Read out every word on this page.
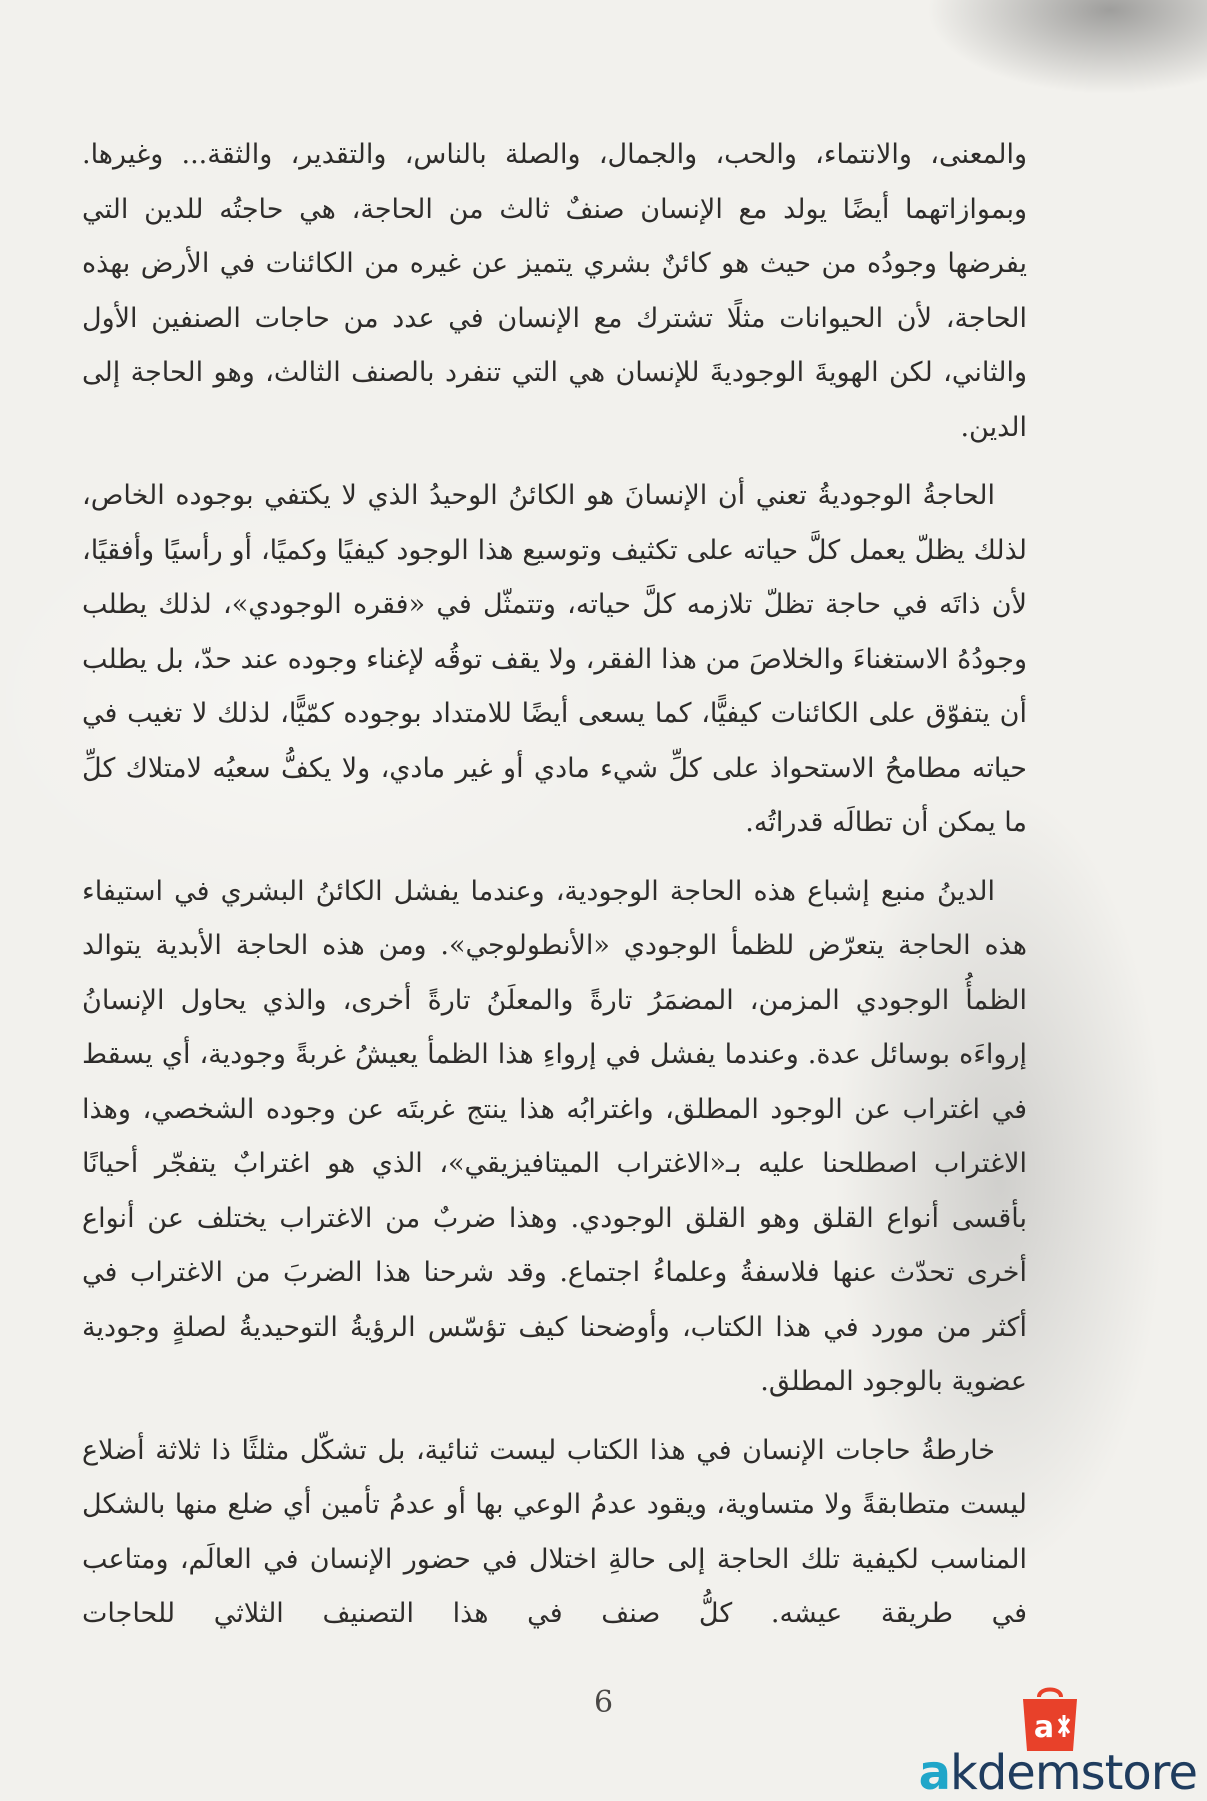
والمعنى، والانتماء، والحب، والجمال، والصلة بالناس، والتقدير، والثقة... وغيرها. وبموازاتهما أيضًا يولد مع الإنسان صنفٌ ثالث من الحاجة، هي حاجتُه للدين التي يفرضها وجودُه من حيث هو كائنٌ بشري يتميز عن غيره من الكائنات في الأرض بهذه الحاجة، لأن الحيوانات مثلًا تشترك مع الإنسان في عدد من حاجات الصنفين الأول والثاني، لكن الهويةَ الوجوديةَ للإنسان هي التي تنفرد بالصنف الثالث، وهو الحاجة إلى الدين.

الحاجةُ الوجوديةُ تعني أن الإنسانَ هو الكائنُ الوحيدُ الذي لا يكتفي بوجوده الخاص، لذلك يظلّ يعمل كلَّ حياته على تكثيف وتوسيع هذا الوجود كيفيًا وكميًا، أو رأسيًا وأفقيًا، لأن ذاتَه في حاجة تظلّ تلازمه كلَّ حياته، وتتمثّل في «فقره الوجودي»، لذلك يطلب وجودُهُ الاستغناءَ والخلاصَ من هذا الفقر، ولا يقف توقُه لإغناء وجوده عند حدّ، بل يطلب أن يتفوّق على الكائنات كيفيًّا، كما يسعى أيضًا للامتداد بوجوده كمّيًّا، لذلك لا تغيب في حياته مطامحُ الاستحواذ على كلِّ شيء مادي أو غير مادي، ولا يكفُّ سعيُه لامتلاك كلِّ ما يمكن أن تطالَه قدراتُه.

الدينُ منبع إشباع هذه الحاجة الوجودية، وعندما يفشل الكائنُ البشري في استيفاء هذه الحاجة يتعرّض للظمأ الوجودي «الأنطولوجي». ومن هذه الحاجة الأبدية يتوالد الظمأُ الوجودي المزمن، المضمَرُ تارةً والمعلَنُ تارةً أخرى، والذي يحاول الإنسانُ إرواءَه بوسائل عدة. وعندما يفشل في إرواءِ هذا الظمأ يعيشُ غربةً وجودية، أي يسقط في اغتراب عن الوجود المطلق، واغترابُه هذا ينتج غربتَه عن وجوده الشخصي، وهذا الاغتراب اصطلحنا عليه بـ«الاغتراب الميتافيزيقي»، الذي هو اغترابٌ يتفجّر أحيانًا بأقسى أنواع القلق وهو القلق الوجودي. وهذا ضربٌ من الاغتراب يختلف عن أنواع أخرى تحدّث عنها فلاسفةُ وعلماءُ اجتماع. وقد شرحنا هذا الضربَ من الاغتراب في أكثر من مورد في هذا الكتاب، وأوضحنا كيف تؤسّس الرؤيةُ التوحيديةُ لصلةٍ وجودية عضوية بالوجود المطلق.

خارطةُ حاجات الإنسان في هذا الكتاب ليست ثنائية، بل تشكّل مثلثًا ذا ثلاثة أضلاع ليست متطابقةً ولا متساوية، ويقود عدمُ الوعي بها أو عدمُ تأمين أي ضلع منها بالشكل المناسب لكيفية تلك الحاجة إلى حالةِ اختلال في حضور الإنسان في العالَم، ومتاعب في طريقة عيشه. كلُّ صنف في هذا التصنيف الثلاثي للحاجات

6
a
akdemstore
